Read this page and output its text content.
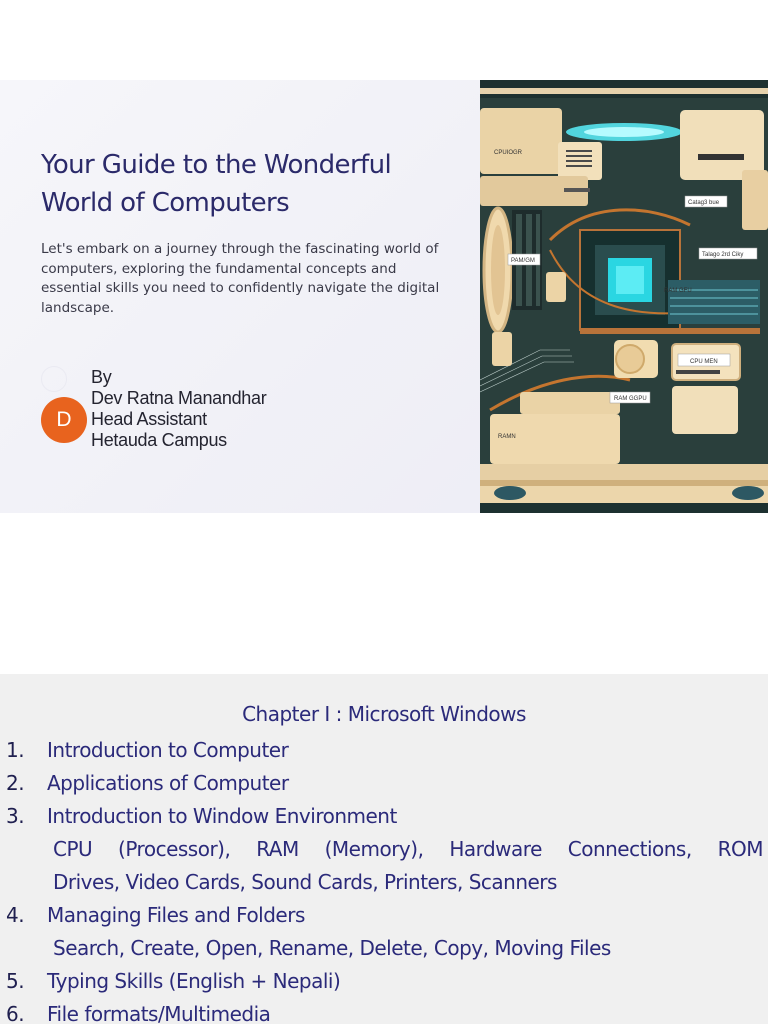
Your Guide to the Wonderful
World of Computers

Let's embark on a journey through the fascinating world of computers, exploring the fundamental concepts and essential skills you need to confidently navigate the digital landscape.

D
By
Dev Ratna Manandhar
Head Assistant
Hetauda Campus
CPUIOGR
Catag3 bue
PAM/GM
Talago 2rd Ciky
RAM GFU
CPU MEN
RAM GGPU
RAMN
Chapter I : Microsoft Windows
1. Introduction to Computer
2. Applications of Computer
3. Introduction to Window Environment
CPU (Processor), RAM (Memory), Hardware Connections, ROM
Drives, Video Cards, Sound Cards, Printers, Scanners
4. Managing Files and Folders
Search, Create, Open, Rename, Delete, Copy, Moving Files
5. Typing Skills (English + Nepali)
6. File formats/Multimedia
